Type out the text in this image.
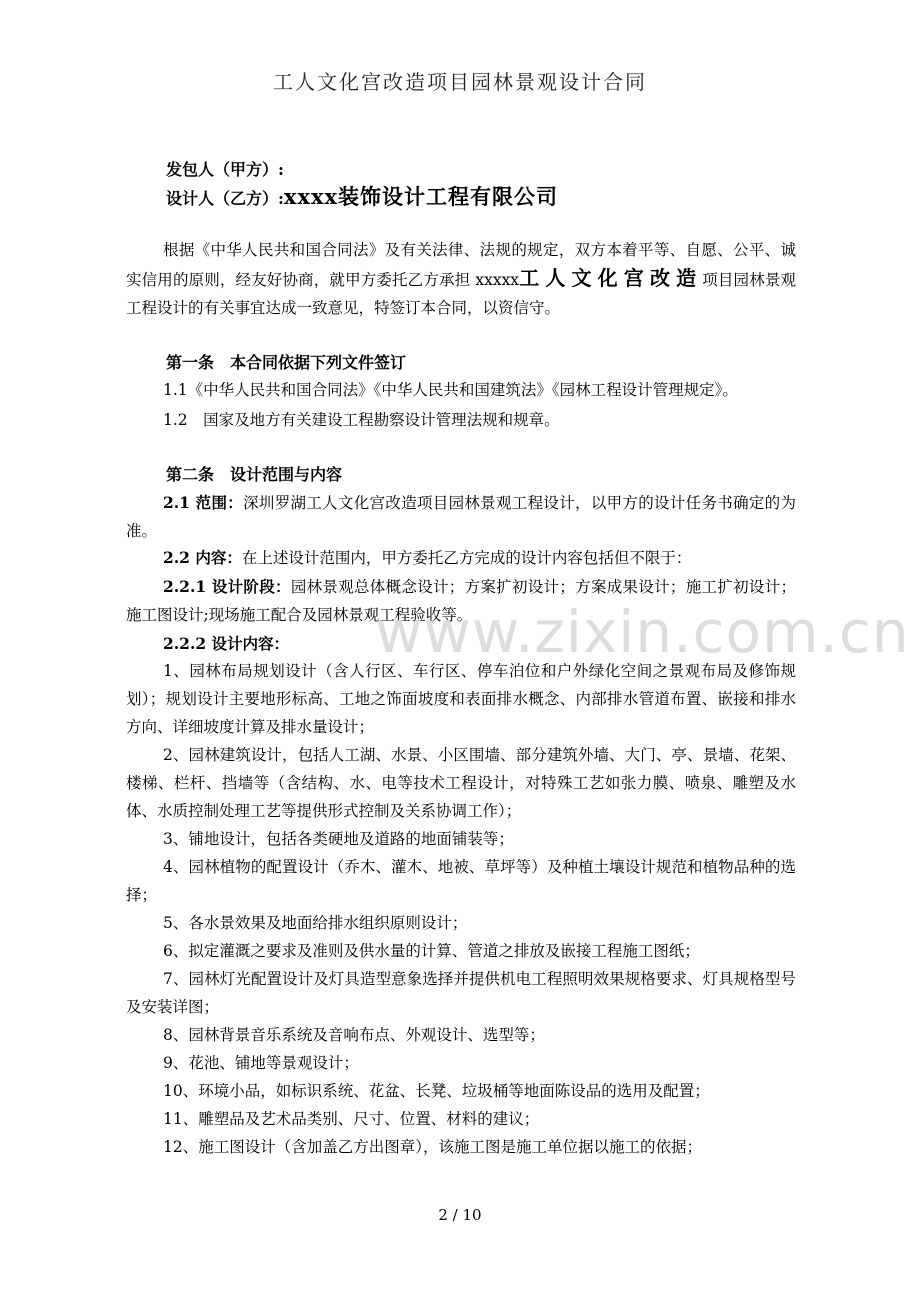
工人文化宫改造项目园林景观设计合同
发包人（甲方）:
设计人（乙方）:xxxx装饰设计工程有限公司

根据《中华人民共和国合同法》及有关法律、法规的规定，双方本着平等、自愿、公平、诚实信用的原则，经友好协商，就甲方委托乙方承担 xxxxx工人文化宫改造项目园林景观工程设计的有关事宜达成一致意见，特签订本合同，以资信守。

第一条　本合同依据下列文件签订
1.1《中华人民共和国合同法》《中华人民共和国建筑法》《园林工程设计管理规定》。
1.2　国家及地方有关建设工程勘察设计管理法规和规章。
第二条　设计范围与内容
2.1 范围：深圳罗湖工人文化宫改造项目园林景观工程设计，以甲方的设计任务书确定的为准。
2.2 内容：在上述设计范围内，甲方委托乙方完成的设计内容包括但不限于：
2.2.1 设计阶段：园林景观总体概念设计；方案扩初设计；方案成果设计；施工扩初设计；施工图设计;现场施工配合及园林景观工程验收等。
2.2.2 设计内容：
1、园林布局规划设计（含人行区、车行区、停车泊位和户外绿化空间之景观布局及修饰规划）；规划设计主要地形标高、工地之饰面坡度和表面排水概念、内部排水管道布置、嵌接和排水方向、详细坡度计算及排水量设计；
2、园林建筑设计，包括人工湖、水景、小区围墙、部分建筑外墙、大门、亭、景墙、花架、楼梯、栏杆、挡墙等（含结构、水、电等技术工程设计，对特殊工艺如张力膜、喷泉、雕塑及水体、水质控制处理工艺等提供形式控制及关系协调工作）；
3、铺地设计，包括各类硬地及道路的地面铺装等；
4、园林植物的配置设计（乔木、灌木、地被、草坪等）及种植土壤设计规范和植物品种的选择；
5、各水景效果及地面给排水组织原则设计；
6、拟定灌溉之要求及准则及供水量的计算、管道之排放及嵌接工程施工图纸；
7、园林灯光配置设计及灯具造型意象选择并提供机电工程照明效果规格要求、灯具规格型号及安装详图；
8、园林背景音乐系统及音响布点、外观设计、选型等；
9、花池、铺地等景观设计；
10、环境小品，如标识系统、花盆、长凳、垃圾桶等地面陈设品的选用及配置；
11、雕塑品及艺术品类别、尺寸、位置、材料的建议；
12、施工图设计（含加盖乙方出图章），该施工图是施工单位据以施工的依据；
www.zixin.com.cn
2 / 10
